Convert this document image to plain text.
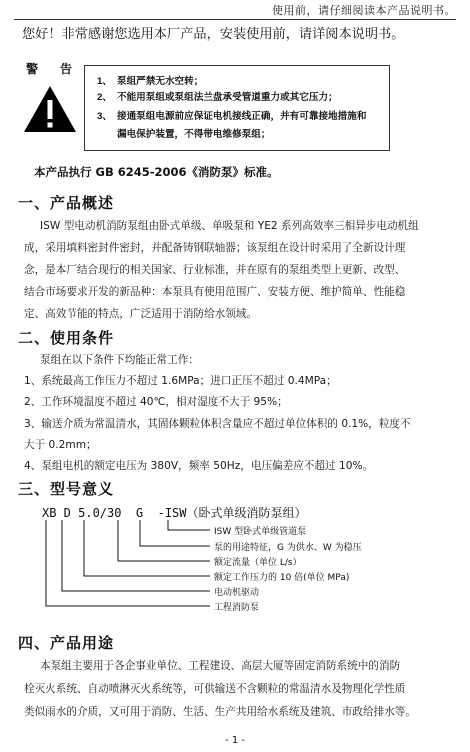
使用前，请仔细阅读本产品说明书。
您好！非常感谢您选用本厂产品，安装使用前，请详阅本说明书。
警告
1、 泵组严禁无水空转；
2、 不能用泵组或泵组法兰盘承受管道重力或其它压力；
3、 接通泵组电源前应保证电机接线正确，并有可靠接地措施和
漏电保护装置，不得带电维修泵组；
本产品执行 GB 6245-2006《消防泵》标准。
一、产品概述
ISW 型电动机消防泵组由卧式单级、单吸泵和 YE2 系列高效率三相异步电动机组
成，采用填料密封件密封，并配备铸钢联轴器；该泵组在设计时采用了全新设计理
念，是本厂结合现行的相关国家、行业标准，并在原有的泵组类型上更新、改型、
结合市场要求开发的新品种：本泵具有使用范围广、安装方便、维护简单、性能稳
定、高效节能的特点，广泛适用于消防给水领域。
二、使用条件
泵组在以下条件下均能正常工作：
1、系统最高工作压力不超过 1.6MPa；进口正压不超过 0.4MPa；
2、工作环境温度不超过 40℃，相对湿度不大于 95%；
3、输送介质为常温清水，其固体颗粒体积含量应不超过单位体积的 0.1%，粒度不
大于 0.2mm；
4、泵组电机的额定电压为 380V，频率 50Hz，电压偏差应不超过 10%。
三、型号意义
XB D 5.0/30  G  -ISW（卧式单级消防泵组）
ISW 型卧式单级管道泵
泵的用途特征，G 为供水、W 为稳压
额定流量（单位 L/s）
额定工作压力的 10 倍(单位 MPa)
电动机驱动
工程消防泵
四、产品用途
本泵组主要用于各企事业单位、工程建设、高层大厦等固定消防系统中的消防
栓灭火系统、自动喷淋灭火系统等，可供输送不含颗粒的常温清水及物理化学性质
类似雨水的介质，又可用于消防、生活、生产共用给水系统及建筑、市政给排水等。
- 1 -
